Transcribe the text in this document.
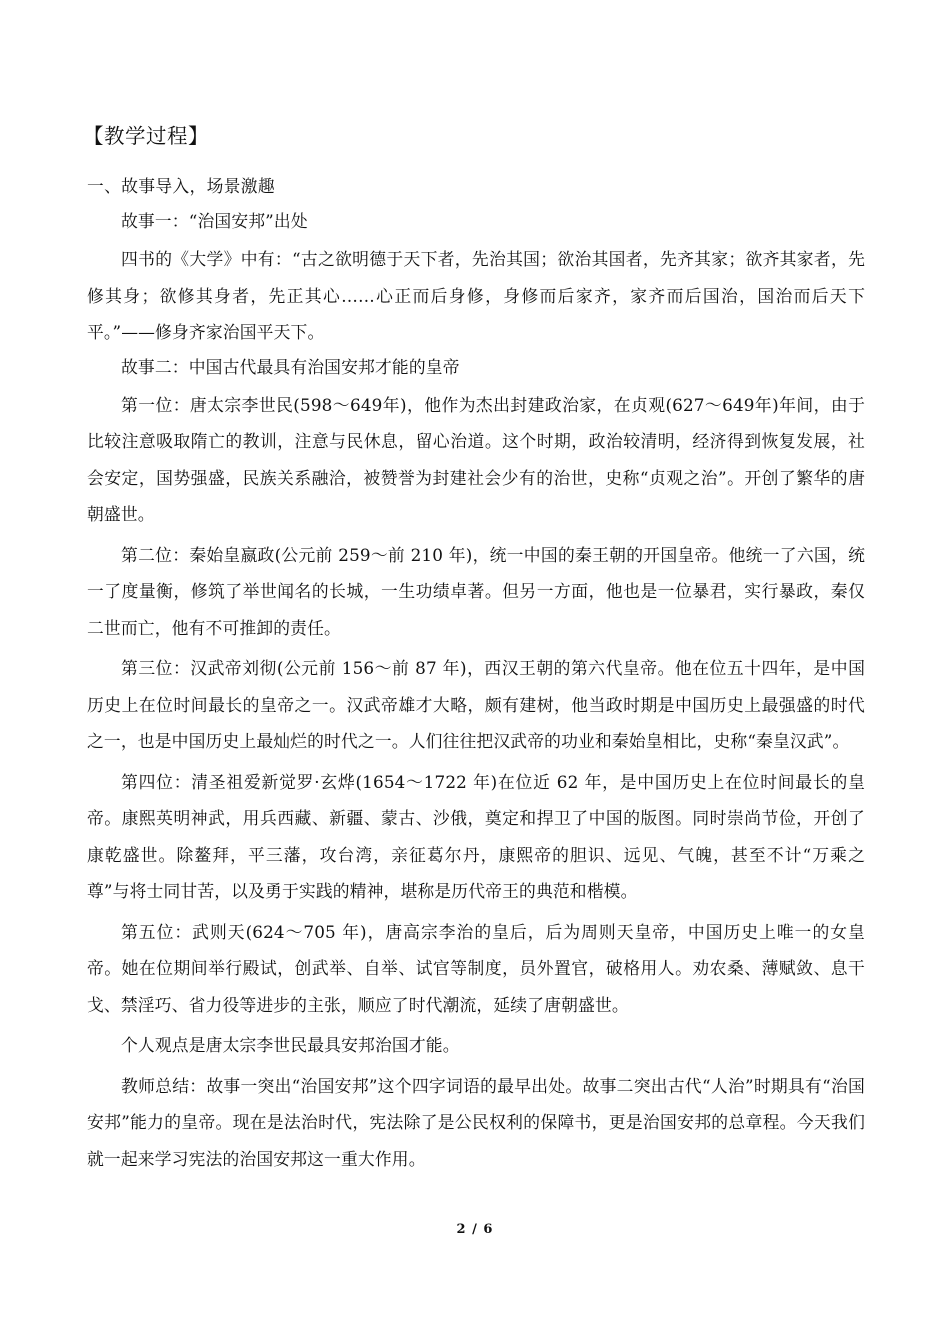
【教学过程】
一、故事导入，场景激趣

故事一：“治国安邦”出处

四书的《大学》中有：“古之欲明德于天下者，先治其国；欲治其国者，先齐其家；欲齐其家者，先修其身；欲修其身者，先正其心……心正而后身修，身修而后家齐，家齐而后国治，国治而后天下平。”——修身齐家治国平天下。

故事二：中国古代最具有治国安邦才能的皇帝

第一位：唐太宗李世民(598～649年)，他作为杰出封建政治家，在贞观(627～649年)年间，由于比较注意吸取隋亡的教训，注意与民休息，留心治道。这个时期，政治较清明，经济得到恢复发展，社会安定，国势强盛，民族关系融洽，被赞誉为封建社会少有的治世，史称“贞观之治”。开创了繁华的唐朝盛世。

第二位：秦始皇嬴政(公元前 259～前 210 年)，统一中国的秦王朝的开国皇帝。他统一了六国，统一了度量衡，修筑了举世闻名的长城，一生功绩卓著。但另一方面，他也是一位暴君，实行暴政，秦仅二世而亡，他有不可推卸的责任。

第三位：汉武帝刘彻(公元前 156～前 87 年)，西汉王朝的第六代皇帝。他在位五十四年，是中国历史上在位时间最长的皇帝之一。汉武帝雄才大略，颇有建树，他当政时期是中国历史上最强盛的时代之一，也是中国历史上最灿烂的时代之一。人们往往把汉武帝的功业和秦始皇相比，史称“秦皇汉武”。

第四位：清圣祖爱新觉罗·玄烨(1654～1722 年)在位近 62 年，是中国历史上在位时间最长的皇帝。康熙英明神武，用兵西藏、新疆、蒙古、沙俄，奠定和捍卫了中国的版图。同时崇尚节俭，开创了康乾盛世。除鳌拜，平三藩，攻台湾，亲征葛尔丹，康熙帝的胆识、远见、气魄，甚至不计“万乘之尊”与将士同甘苦，以及勇于实践的精神，堪称是历代帝王的典范和楷模。

第五位：武则天(624～705 年)，唐高宗李治的皇后，后为周则天皇帝，中国历史上唯一的女皇帝。她在位期间举行殿试，创武举、自举、试官等制度，员外置官，破格用人。劝农桑、薄赋敛、息干戈、禁淫巧、省力役等进步的主张，顺应了时代潮流，延续了唐朝盛世。

个人观点是唐太宗李世民最具安邦治国才能。

教师总结：故事一突出“治国安邦”这个四字词语的最早出处。故事二突出古代“人治”时期具有“治国安邦”能力的皇帝。现在是法治时代，宪法除了是公民权利的保障书，更是治国安邦的总章程。今天我们就一起来学习宪法的治国安邦这一重大作用。

2 / 6
